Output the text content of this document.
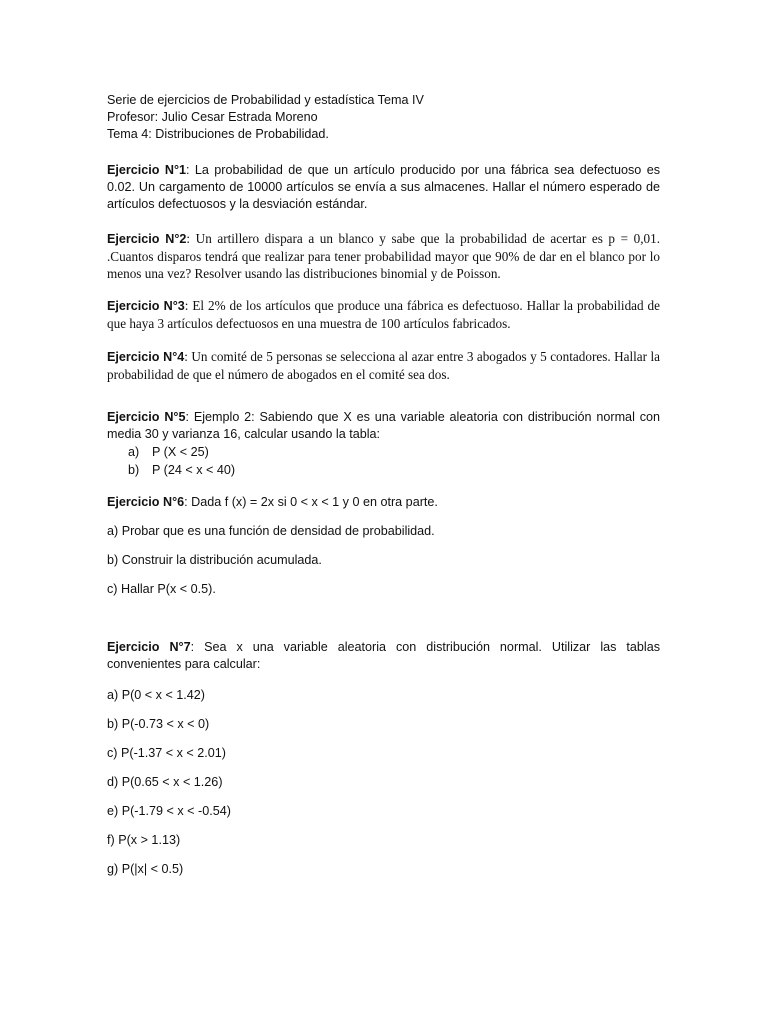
Serie de ejercicios de Probabilidad y estadística Tema IV
Profesor: Julio Cesar Estrada Moreno
Tema 4: Distribuciones de Probabilidad.
Ejercicio N°1: La probabilidad de que un artículo producido por una fábrica sea defectuoso es 0.02. Un cargamento de 10000 artículos se envía a sus almacenes. Hallar el número esperado de artículos defectuosos y la desviación estándar.
Ejercicio N°2: Un artillero dispara a un blanco y sabe que la probabilidad de acertar es p = 0,01. .Cuantos disparos tendrá que realizar para tener probabilidad mayor que 90% de dar en el blanco por lo menos una vez? Resolver usando las distribuciones binomial y de Poisson.
Ejercicio N°3: El 2% de los artículos que produce una fábrica es defectuoso. Hallar la probabilidad de que haya 3 artículos defectuosos en una muestra de 100 artículos fabricados.
Ejercicio N°4: Un comité de 5 personas se selecciona al azar entre 3 abogados y 5 contadores. Hallar la probabilidad de que el número de abogados en el comité sea dos.
Ejercicio N°5: Ejemplo 2: Sabiendo que X es una variable aleatoria con distribución normal con media 30 y varianza 16, calcular usando la tabla:
a) P (X < 25)
b) P (24 < x < 40)
Ejercicio N°6: Dada f (x) = 2x si 0 < x < 1 y 0 en otra parte.
a) Probar que es una función de densidad de probabilidad.
b) Construir la distribución acumulada.
c) Hallar P(x < 0.5).
Ejercicio N°7: Sea x una variable aleatoria con distribución normal. Utilizar las tablas convenientes para calcular:
a) P(0 < x < 1.42)
b) P(-0.73 < x < 0)
c) P(-1.37 < x < 2.01)
d) P(0.65 < x < 1.26)
e) P(-1.79 < x < -0.54)
f) P(x > 1.13)
g) P(|x| < 0.5)
